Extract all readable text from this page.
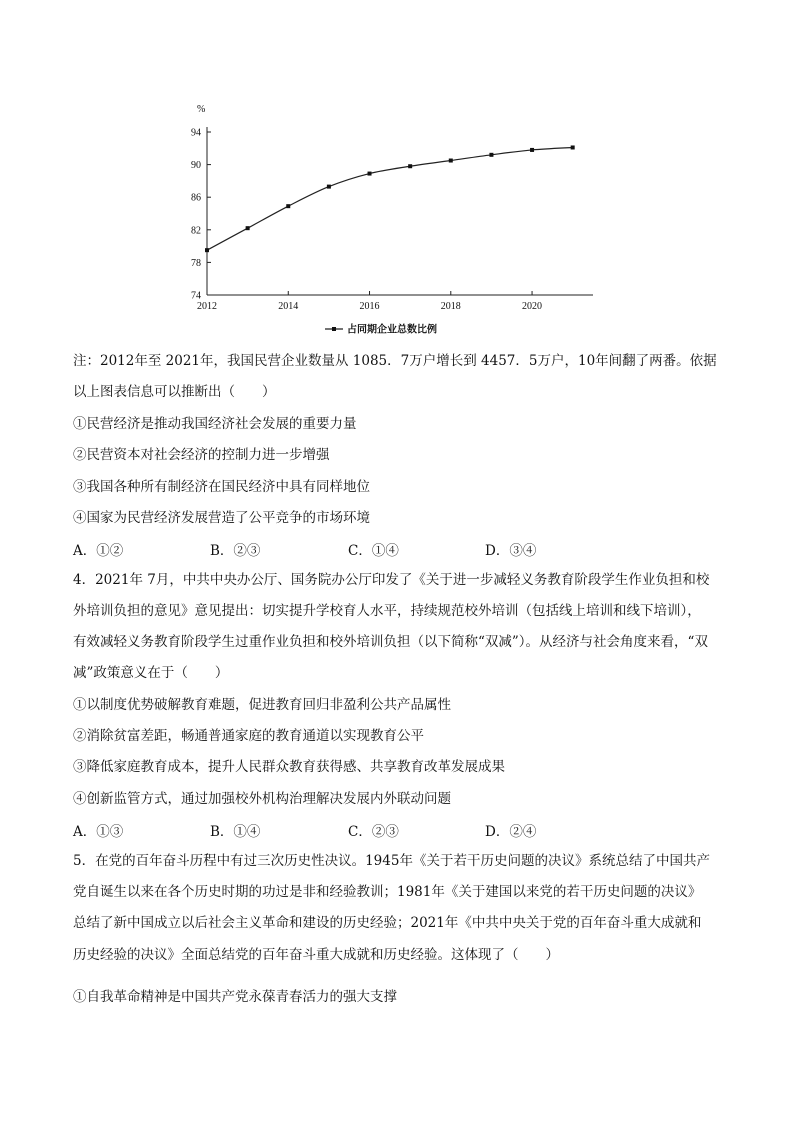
%
74
78
82
86
90
94
2012	2014	2016	2018	2020
占同期企业总数比例
注：2012年至 2021年，我国民营企业数量从 1085．7万户增长到 4457．5万户，10年间翻了两番。依据
以上图表信息可以推断出（　　）
①民营经济是推动我国经济社会发展的重要力量
②民营资本对社会经济的控制力进一步增强
③我国各种所有制经济在国民经济中具有同样地位
④国家为民营经济发展营造了公平竞争的市场环境
A．①②	B．②③	C．①④	D．③④
4．2021年 7月，中共中央办公厅、国务院办公厅印发了《关于进一步减轻义务教育阶段学生作业负担和校
外培训负担的意见》意见提出：切实提升学校育人水平，持续规范校外培训（包括线上培训和线下培训），
有效减轻义务教育阶段学生过重作业负担和校外培训负担（以下简称“双减”）。从经济与社会角度来看，“双
减”政策意义在于（　　）
①以制度优势破解教育难题，促进教育回归非盈利公共产品属性
②消除贫富差距，畅通普通家庭的教育通道以实现教育公平
③降低家庭教育成本，提升人民群众教育获得感、共享教育改革发展成果
④创新监管方式，通过加强校外机构治理解决发展内外联动问题
A．①③	B．①④	C．②③	D．②④
5．在党的百年奋斗历程中有过三次历史性决议。1945年《关于若干历史问题的决议》系统总结了中国共产
党自诞生以来在各个历史时期的功过是非和经验教训；1981年《关于建国以来党的若干历史问题的决议》
总结了新中国成立以后社会主义革命和建设的历史经验；2021年《中共中央关于党的百年奋斗重大成就和
历史经验的决议》全面总结党的百年奋斗重大成就和历史经验。这体现了（　　）
①自我革命精神是中国共产党永葆青春活力的强大支撑
